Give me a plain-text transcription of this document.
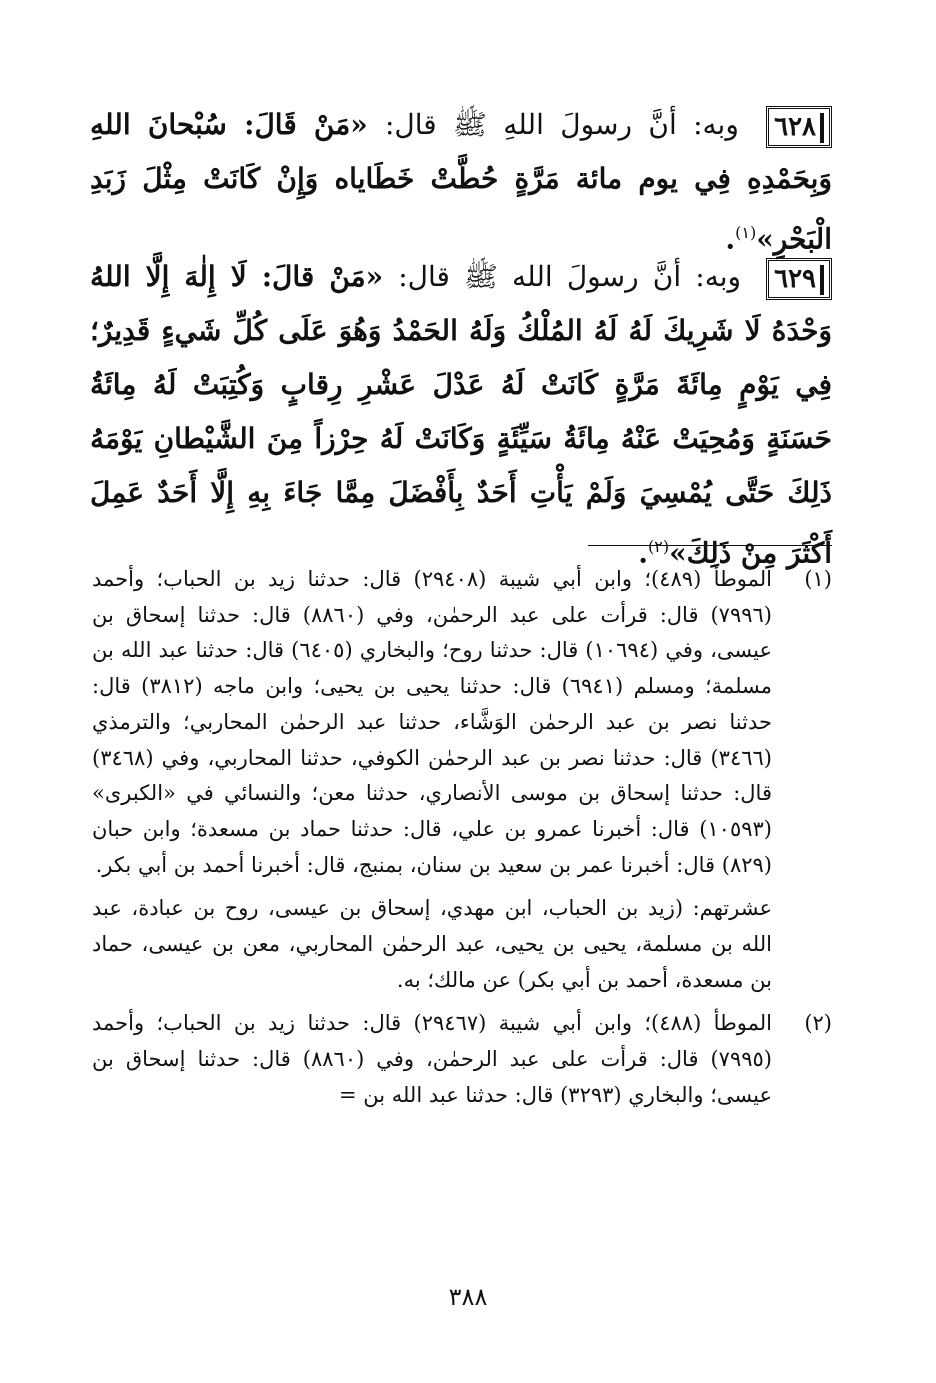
٦٢٨ وبه: أنَّ رسولَ اللهِ ﷺ قال: «مَنْ قَالَ: سُبْحانَ اللهِ وَبِحَمْدِهِ فِي يوم مائة مَرَّةٍ حُطَّتْ خَطَاياه وَإِنْ كَانَتْ مِثْلَ زَبَدِ الْبَحْرِ»$^{(١)}$.
٦٢٩ وبه: أنَّ رسولَ الله ﷺ قال: «مَنْ قالَ: لَا إِلٰهَ إِلَّا اللهُ وَحْدَهُ لَا شَرِيكَ لَهُ لَهُ المُلْكُ وَلَهُ الحَمْدُ وَهُوَ عَلَى كُلِّ شَيءٍ قَدِيرٌ؛ فِي يَوْمٍ مِائَةَ مَرَّةٍ كَانَتْ لَهُ عَدْلَ عَشْرِ رِقابٍ وَكُتِبَتْ لَهُ مِائَةُ حَسَنَةٍ وَمُحِيَتْ عَنْهُ مِائَةُ سَيِّئَةٍ وَكَانَتْ لَهُ حِرْزاً مِنَ الشَّيْطانِ يَوْمَهُ ذَلِكَ حَتَّى يُمْسِيَ وَلَمْ يَأْتِ أَحَدٌ بِأَفْضَلَ مِمَّا جَاءَ بِهِ إِلَّا أَحَدٌ عَمِلَ أَكْثَرَ مِنْ ذَلِكَ»$^{(٢)}$.
(١)

الموطأ (٤٨٩)؛ وابن أبي شيبة (٢٩٤٠٨) قال: حدثنا زيد بن الحباب؛ وأحمد (٧٩٩٦) قال: قرأت على عبد الرحمٰن، وفي (٨٨٦٠) قال: حدثنا إسحاق بن عيسى، وفي (١٠٦٩٤) قال: حدثنا روح؛ والبخاري (٦٤٠٥) قال: حدثنا عبد الله بن مسلمة؛ ومسلم (٦٩٤١) قال: حدثنا يحيى بن يحيى؛ وابن ماجه (٣٨١٢) قال: حدثنا نصر بن عبد الرحمٰن الوَشَّاء، حدثنا عبد الرحمٰن المحاربي؛ والترمذي (٣٤٦٦) قال: حدثنا نصر بن عبد الرحمٰن الكوفي، حدثنا المحاربي، وفي (٣٤٦٨) قال: حدثنا إسحاق بن موسى الأنصاري، حدثنا معن؛ والنسائي في «الكبرى» (١٠٥٩٣) قال: أخبرنا عمرو بن علي، قال: حدثنا حماد بن مسعدة؛ وابن حبان (٨٢٩) قال: أخبرنا عمر بن سعيد بن سنان، بمنبج، قال: أخبرنا أحمد بن أبي بكر.

عشرتهم: (زيد بن الحباب، ابن مهدي، إسحاق بن عيسى، روح بن عبادة، عبد الله بن مسلمة، يحيى بن يحيى، عبد الرحمٰن المحاربي، معن بن عيسى، حماد بن مسعدة، أحمد بن أبي بكر) عن مالك؛ به.

(٢)

الموطأ (٤٨٨)؛ وابن أبي شيبة (٢٩٤٦٧) قال: حدثنا زيد بن الحباب؛ وأحمد (٧٩٩٥) قال: قرأت على عبد الرحمٰن، وفي (٨٨٦٠) قال: حدثنا إسحاق بن عيسى؛ والبخاري (٣٢٩٣) قال: حدثنا عبد الله بن =

٣٨٨
